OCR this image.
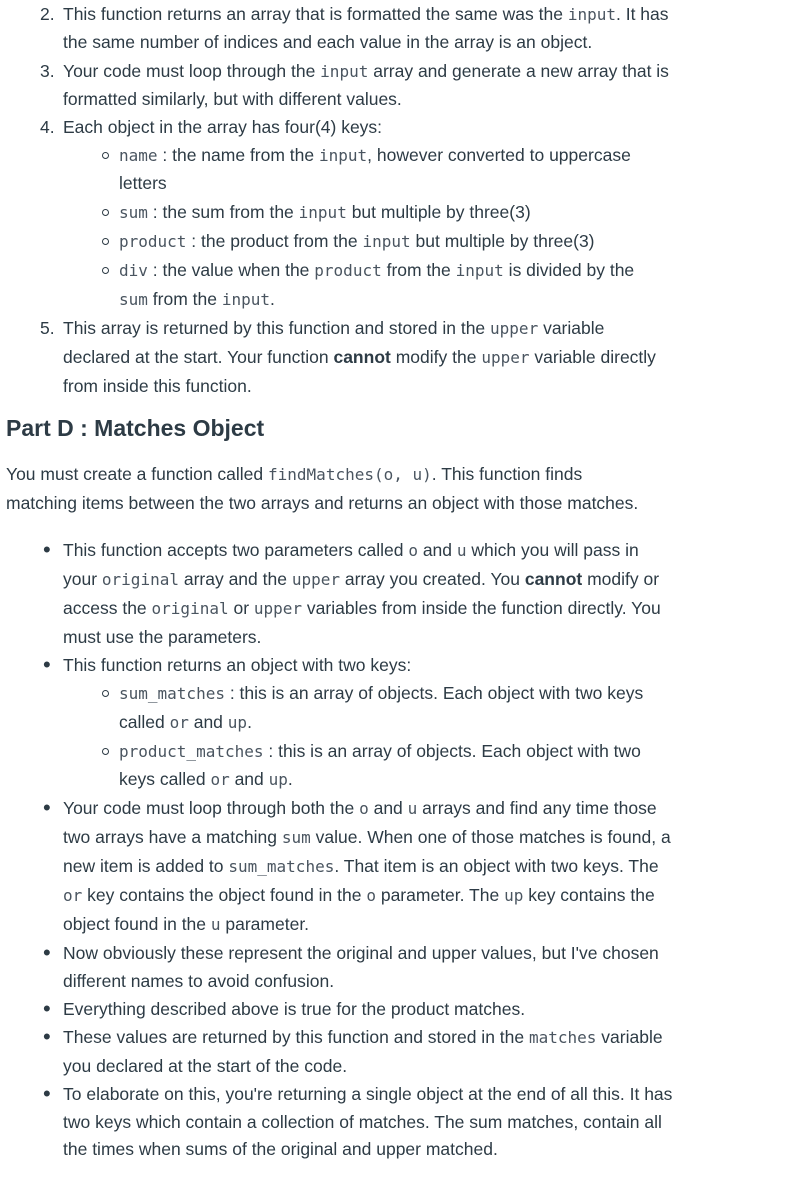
2. This function returns an array that is formatted the same was the input. It has
the same number of indices and each value in the array is an object.
3. Your code must loop through the input array and generate a new array that is
formatted similarly, but with different values.
4. Each object in the array has four(4) keys:
name : the name from the input, however converted to uppercase
letters
sum : the sum from the input but multiple by three(3)
product : the product from the input but multiple by three(3)
div : the value when the product from the input is divided by the
sum from the input.
5. This array is returned by this function and stored in the upper variable
declared at the start. Your function cannot modify the upper variable directly
from inside this function.
Part D : Matches Object
You must create a function called findMatches(o, u). This function finds
matching items between the two arrays and returns an object with those matches.
• This function accepts two parameters called o and u which you will pass in
your original array and the upper array you created. You cannot modify or
access the original or upper variables from inside the function directly. You
must use the parameters.
• This function returns an object with two keys:
sum_matches : this is an array of objects. Each object with two keys
called or and up.
product_matches : this is an array of objects. Each object with two
keys called or and up.
• Your code must loop through both the o and u arrays and find any time those
two arrays have a matching sum value. When one of those matches is found, a
new item is added to sum_matches. That item is an object with two keys. The
or key contains the object found in the o parameter. The up key contains the
object found in the u parameter.
• Now obviously these represent the original and upper values, but I've chosen
different names to avoid confusion.
• Everything described above is true for the product matches.
• These values are returned by this function and stored in the matches variable
you declared at the start of the code.
• To elaborate on this, you're returning a single object at the end of all this. It has
two keys which contain a collection of matches. The sum matches, contain all
the times when sums of the original and upper matched.
